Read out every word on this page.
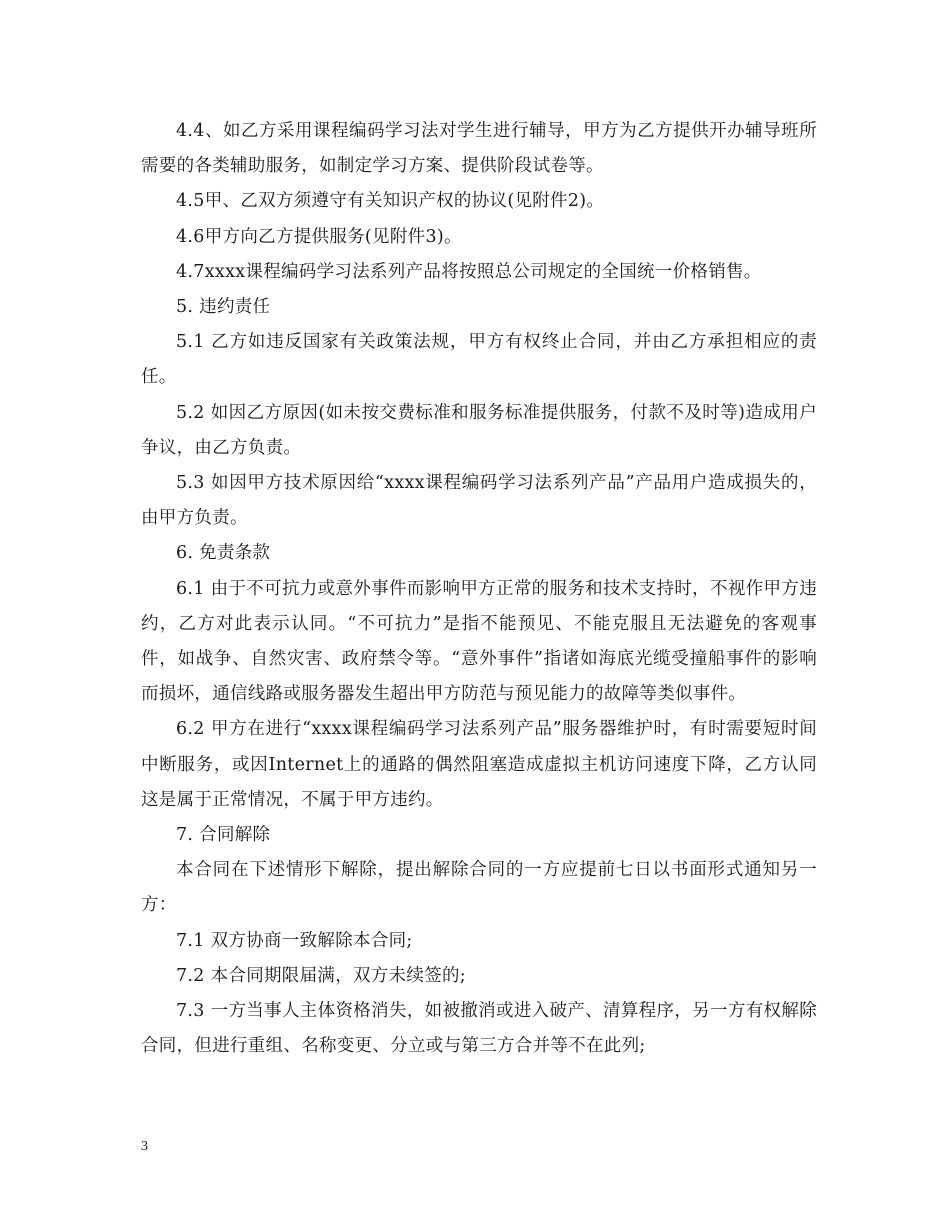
4.4、如乙方采用课程编码学习法对学生进行辅导，甲方为乙方提供开办辅导班所需要的各类辅助服务，如制定学习方案、提供阶段试卷等。

4.5甲、乙双方须遵守有关知识产权的协议(见附件2)。

4.6甲方向乙方提供服务(见附件3)。

4.7xxxx课程编码学习法系列产品将按照总公司规定的全国统一价格销售。

5. 违约责任

5.1 乙方如违反国家有关政策法规，甲方有权终止合同，并由乙方承担相应的责任。

5.2 如因乙方原因(如未按交费标准和服务标准提供服务，付款不及时等)造成用户争议，由乙方负责。

5.3 如因甲方技术原因给“xxxx课程编码学习法系列产品”产品用户造成损失的，由甲方负责。

6. 免责条款

6.1 由于不可抗力或意外事件而影响甲方正常的服务和技术支持时，不视作甲方违约，乙方对此表示认同。“不可抗力”是指不能预见、不能克服且无法避免的客观事件，如战争、自然灾害、政府禁令等。“意外事件”指诸如海底光缆受撞船事件的影响而损坏，通信线路或服务器发生超出甲方防范与预见能力的故障等类似事件。

6.2 甲方在进行“xxxx课程编码学习法系列产品”服务器维护时，有时需要短时间中断服务，或因Internet上的通路的偶然阻塞造成虚拟主机访问速度下降，乙方认同这是属于正常情况，不属于甲方违约。

7. 合同解除

本合同在下述情形下解除，提出解除合同的一方应提前七日以书面形式通知另一方：

7.1 双方协商一致解除本合同;

7.2 本合同期限届满，双方未续签的;

7.3 一方当事人主体资格消失，如被撤消或进入破产、清算程序，另一方有权解除合同，但进行重组、名称变更、分立或与第三方合并等不在此列;

3
